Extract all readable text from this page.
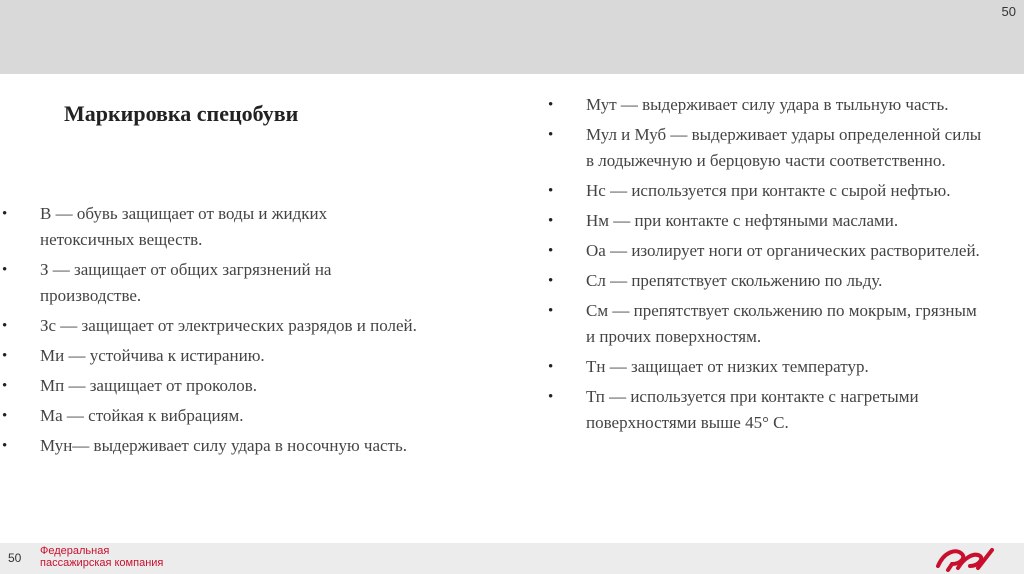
50
Маркировка спецобуви
• В — обувь защищает от воды и жидких нетоксичных веществ.
• З — защищает от общих загрязнений на производстве.
• Зс — защищает от электрических разрядов и полей.
• Ми — устойчива к истиранию.
• Мп — защищает от проколов.
• Ма — стойкая к вибрациям.
• Мун— выдерживает силу удара в носочную часть.
• Мут — выдерживает силу удара в тыльную часть.
• Мул и Муб — выдерживает удары определенной силы в лодыжечную и берцовую части соответственно.
• Нс — используется при контакте с сырой нефтью.
• Нм — при контакте с нефтяными маслами.
• Оа — изолирует ноги от органических растворителей.
• Сл — препятствует скольжению по льду.
• См — препятствует скольжению по мокрым, грязным и прочих поверхностям.
• Тн — защищает от низких температур.
• Тп — используется при контакте с нагретыми поверхностями выше 45° С.
50 Федеральная
пассажирская компания
